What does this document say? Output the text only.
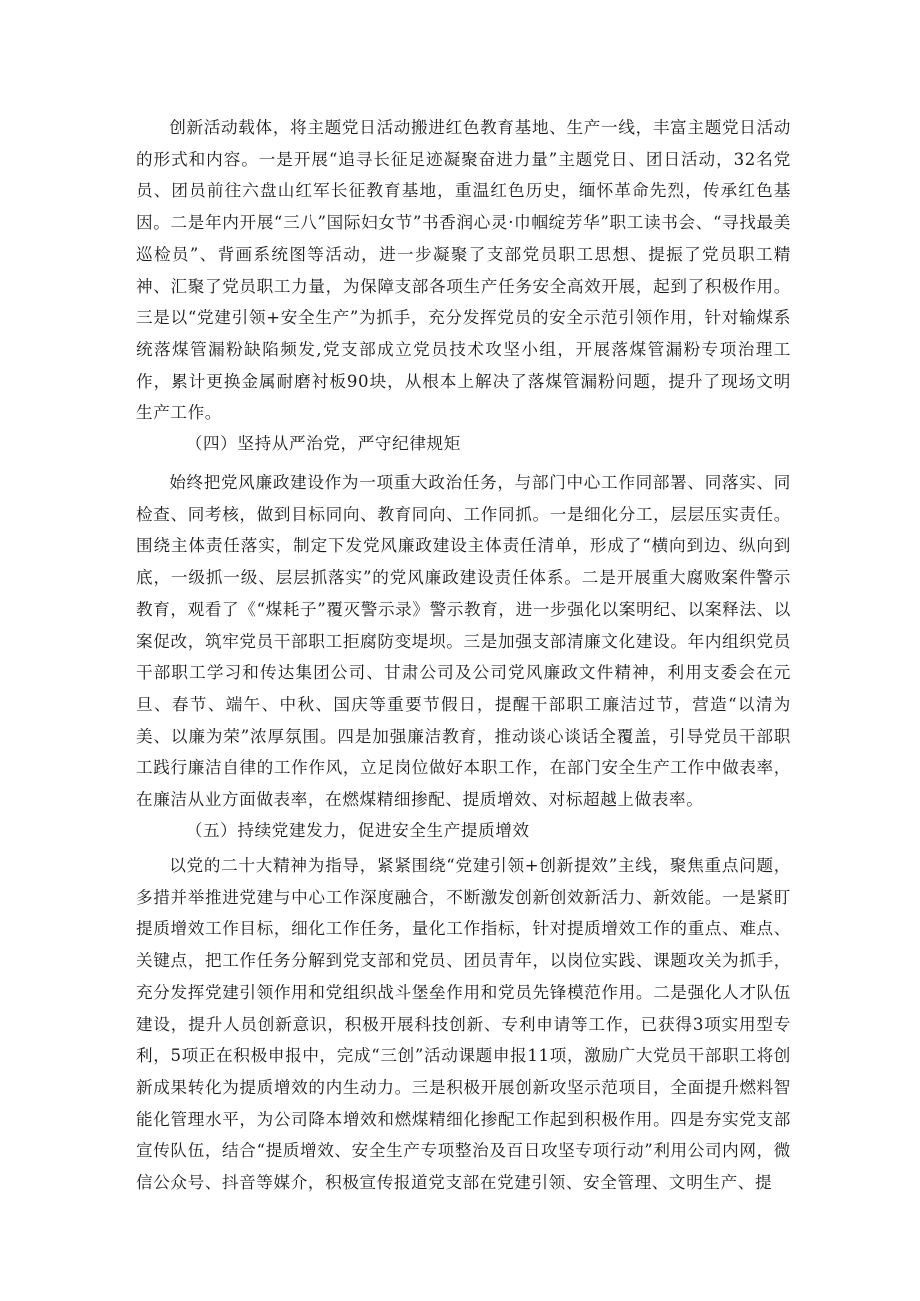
创新活动载体，将主题党日活动搬进红色教育基地、生产一线，丰富主题党日活动的形式和内容。一是开展“追寻长征足迹凝聚奋进力量”主题党日、团日活动，32名党员、团员前往六盘山红军长征教育基地，重温红色历史，缅怀革命先烈，传承红色基因。二是年内开展“三八”国际妇女节”书香润心灵·巾帼绽芳华”职工读书会、“寻找最美巡检员”、背画系统图等活动，进一步凝聚了支部党员职工思想、提振了党员职工精神、汇聚了党员职工力量，为保障支部各项生产任务安全高效开展，起到了积极作用。三是以“党建引领+安全生产”为抓手，充分发挥党员的安全示范引领作用，针对输煤系统落煤管漏粉缺陷频发,党支部成立党员技术攻坚小组，开展落煤管漏粉专项治理工作，累计更换金属耐磨衬板90块，从根本上解决了落煤管漏粉问题，提升了现场文明生产工作。

（四）坚持从严治党，严守纪律规矩

始终把党风廉政建设作为一项重大政治任务，与部门中心工作同部署、同落实、同检查、同考核，做到目标同向、教育同向、工作同抓。一是细化分工，层层压实责任。围绕主体责任落实，制定下发党风廉政建设主体责任清单，形成了“横向到边、纵向到底，一级抓一级、层层抓落实”的党风廉政建设责任体系。二是开展重大腐败案件警示教育，观看了《“煤耗子”覆灭警示录》警示教育，进一步强化以案明纪、以案释法、以案促改，筑牢党员干部职工拒腐防变堤坝。三是加强支部清廉文化建设。年内组织党员干部职工学习和传达集团公司、甘肃公司及公司党风廉政文件精神，利用支委会在元旦、春节、端午、中秋、国庆等重要节假日，提醒干部职工廉洁过节，营造“以清为美、以廉为荣”浓厚氛围。四是加强廉洁教育，推动谈心谈话全覆盖，引导党员干部职工践行廉洁自律的工作作风，立足岗位做好本职工作，在部门安全生产工作中做表率，在廉洁从业方面做表率，在燃煤精细掺配、提质增效、对标超越上做表率。

（五）持续党建发力，促进安全生产提质增效

以党的二十大精神为指导，紧紧围绕“党建引领+创新提效”主线，聚焦重点问题，多措并举推进党建与中心工作深度融合，不断激发创新创效新活力、新效能。一是紧盯提质增效工作目标，细化工作任务，量化工作指标，针对提质增效工作的重点、难点、关键点，把工作任务分解到党支部和党员、团员青年，以岗位实践、课题攻关为抓手，充分发挥党建引领作用和党组织战斗堡垒作用和党员先锋模范作用。二是强化人才队伍建设，提升人员创新意识，积极开展科技创新、专利申请等工作，已获得3项实用型专利，5项正在积极申报中，完成“三创”活动课题申报11项，激励广大党员干部职工将创新成果转化为提质增效的内生动力。三是积极开展创新攻坚示范项目，全面提升燃料智能化管理水平，为公司降本增效和燃煤精细化掺配工作起到积极作用。四是夯实党支部宣传队伍，结合“提质增效、安全生产专项整治及百日攻坚专项行动”利用公司内网，微信公众号、抖音等媒介，积极宣传报道党支部在党建引领、安全管理、文明生产、提
